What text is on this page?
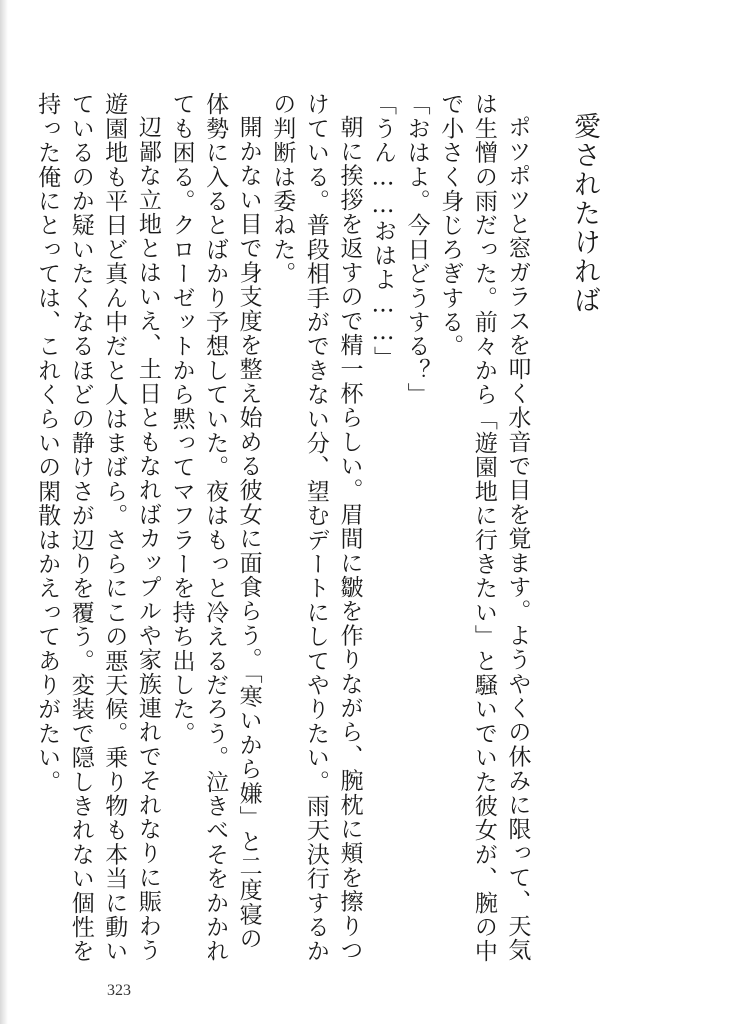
愛されたければ

ポツポツと窓ガラスを叩く水音で目を覚ます。ようやくの休みに限って、天気は生憎の雨だった。前々から「遊園地に行きたい」と騒いでいた彼女が、腕の中で小さく身じろぎする。

「おはよ。今日どうする？」

「うん……おはよ……」

朝に挨拶を返すので精一杯らしい。眉間に皺を作りながら、腕枕に頬を擦りつけている。普段相手ができない分、望むデートにしてやりたい。雨天決行するかの判断は委ねた。

開かない目で身支度を整え始める彼女に面食らう。「寒いから嫌」と二度寝の体勢に入るとばかり予想していた。夜はもっと冷えるだろう。泣きべそをかかれても困る。クローゼットから黙ってマフラーを持ち出した。

辺鄙な立地とはいえ、土日ともなればカップルや家族連れでそれなりに賑わう遊園地も平日ど真ん中だと人はまばら。さらにこの悪天候。乗り物も本当に動いているのか疑いたくなるほどの静けさが辺りを覆う。変装で隠しきれない個性を持った俺にとっては、これくらいの閑散はかえってありがたい。

323
